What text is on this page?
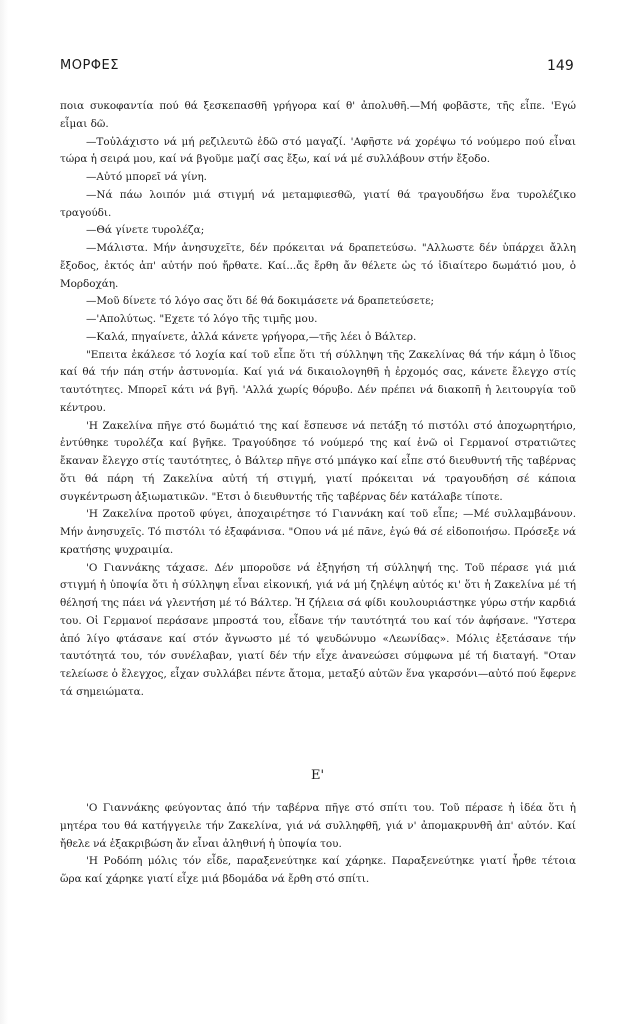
ΜΟΡΦΕΣ	149

ποια συκοφαντία πού θά ξεσκεπασθῆ γρήγορα καί θ' ἀπολυθῆ.—Μή φοβᾶστε, τῆς εἶπε. 'Εγώ εἶμαι δῶ.

—Τοὐλάχιστο νά μή ρεζιλευτῶ ἐδῶ στό μαγαζί. 'Αφῆστε νά χορέψω τό νούμερο πού εἶναι τώρα ἡ σειρά μου, καί νά βγοῦμε μαζί σας ἔξω, καί νά μέ συλλάβουν στήν ἔξοδο.

—Αὐτό μπορεῖ νά γίνη.

—Νά πάω λοιπόν μιά στιγμή νά μεταμφιεσθῶ, γιατί θά τραγουδήσω ἕνα τυρολέζικο τραγούδι.

—Θά γίνετε τυρολέζα;

—Μάλιστα. Μήν ἀνησυχεῖτε, δέν πρόκειται νά δραπετεύσω. "Αλλωστε δέν ὑπάρχει ἄλλη ἔξοδος, ἐκτός ἀπ' αὐτήν πού ἤρθατε. Καί...ἄς ἔρθη ἄν θέλετε ὡς τό ἰδιαίτερο δωμάτιό μου, ὁ Μορδοχάη.

—Μοῦ δίνετε τό λόγο σας ὅτι δέ θά δοκιμάσετε νά δραπετεύσετε;

—'Απολύτως. "Εχετε τό λόγο τῆς τιμῆς μου.

—Καλά, πηγαίνετε, ἀλλά κάνετε γρήγορα,—τῆς λέει ὁ Βάλτερ.

"Επειτα ἐκάλεσε τό λοχία καί τοῦ εἶπε ὅτι τή σύλληψη τῆς Ζακελίνας θά τήν κάμη ὁ ἴδιος καί θά τήν πάη στήν ἀστυνομία. Καί γιά νά δικαιολογηθῆ ἡ ἐρχομός σας, κάνετε ἔλεγχο στίς ταυτότητες. Μπορεῖ κάτι νά βγῆ. 'Αλλά χωρίς θόρυβο. Δέν πρέπει νά διακοπῆ ἡ λειτουργία τοῦ κέντρου.

'Η Ζακελίνα πῆγε στό δωμάτιό της καί ἔσπευσε νά πετάξη τό πιστόλι στό ἀποχωρητήριο, ἐντύθηκε τυρολέζα καί βγῆκε. Τραγούδησε τό νούμερό της καί ἐνῶ οἱ Γερμανοί στρατιῶτες ἔκαναν ἔλεγχο στίς ταυτότητες, ὁ Βάλτερ πῆγε στό μπάγκο καί εἶπε στό διευθυντή τῆς ταβέρνας ὅτι θά πάρη τή Ζακελίνα αὐτή τή στιγμή, γιατί πρόκειται νά τραγουδήση σέ κάποια συγκέντρωση ἀξιωματικῶν. "Ετσι ὁ διευθυντής τῆς ταβέρνας δέν κατάλαβε τίποτε.

'Η Ζακελίνα προτοῦ φύγει, ἀποχαιρέτησε τό Γιαννάκη καί τοῦ εἶπε; —Μέ συλλαμβάνουν. Μήν ἀνησυχεῖς. Τό πιστόλι τό ἐξαφάνισα. "Οπου νά μέ πᾶνε, ἐγώ θά σέ εἰδοποιήσω. Πρόσεξε νά κρατήσης ψυχραιμία.

'Ο Γιαννάκης τάχασε. Δέν μποροῦσε νά ἐξηγήση τή σύλληψή της. Τοῦ πέρασε γιά μιά στιγμή ἡ ὑποψία ὅτι ἡ σύλληψη εἶναι εἰκονική, γιά νά μή ζηλέψη αὐτός κι' ὅτι ἡ Ζακελίνα μέ τή θέλησή της πάει νά γλεντήση μέ τό Βάλτερ. Ἡ ζήλεια σά φίδι κουλουριάστηκε γύρω στήν καρδιά του. Οἱ Γερμανοί περάσανε μπροστά του, εἶδανε τήν ταυτότητά του καί τόν ἀφήσανε. "Υστερα ἀπό λίγο φτάσανε καί στόν ἄγνωστο μέ τό ψευδώνυμο «Λεωνίδας». Μόλις ἐξετάσανε τήν ταυτότητά του, τόν συνέλαβαν, γιατί δέν τήν εἶχε ἀνανεώσει σύμφωνα μέ τή διαταγή. "Οταν τελείωσε ὁ ἔλεγχος, εἶχαν συλλάβει πέντε ἄτομα, μεταξύ αὐτῶν ἕνα γκαρσόνι—αὐτό πού ἔφερνε τά σημειώματα.

Ε'

'Ο Γιαννάκης φεύγοντας ἀπό τήν ταβέρνα πῆγε στό σπίτι του. Τοῦ πέρασε ἡ ἰδέα ὅτι ἡ μητέρα του θά κατήγγειλε τήν Ζακελίνα, γιά νά συλληφθῆ, γιά ν' ἀπομακρυνθῆ ἀπ' αὐτόν. Καί ἤθελε νά ἐξακριβώση ἄν εἶναι ἀληθινή ἡ ὑποψία του.

'Η Ροδόπη μόλις τόν εἶδε, παραξενεύτηκε καί χάρηκε. Παραξενεύτηκε γιατί ἦρθε τέτοια ὥρα καί χάρηκε γιατί εἶχε μιά βδομάδα νά ἔρθη στό σπίτι.
